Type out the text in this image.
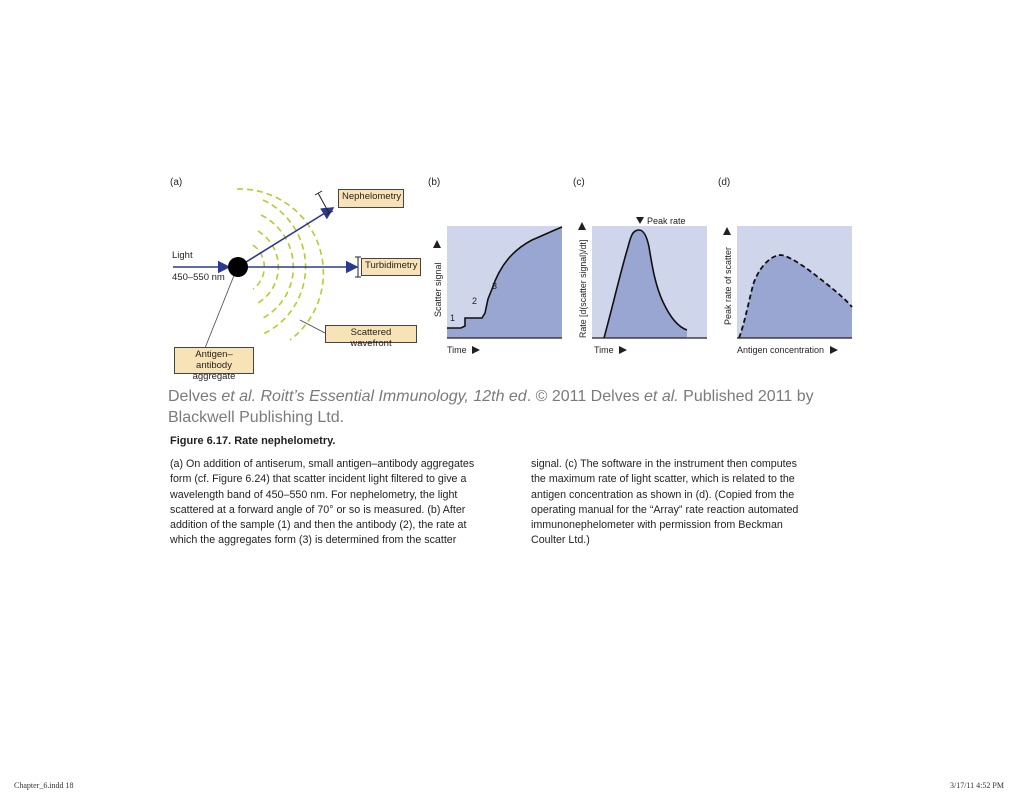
(a)	(b)	(c)	(d)
Light
450–550 nm
Nephelometry
Turbidimetry
Scattered wavefront
Antigen–antibody
aggregate
1
2
3
Scatter signal
Time
Peak rate
Rate [d(scatter signal)/dt]
Time
Peak rate of scatter
Antigen concentration
Delves et al. Roitt’s Essential Immunology, 12th ed. © 2011 Delves et al. Published 2011 by
Blackwell Publishing Ltd.
Figure 6.17. Rate nephelometry.
(a) On addition of antiserum, small antigen–antibody aggregates
form (cf. Figure 6.24) that scatter incident light filtered to give a
wavelength band of 450–550 nm. For nephelometry, the light
scattered at a forward angle of 70° or so is measured. (b) After
addition of the sample (1) and then the antibody (2), the rate at
which the aggregates form (3) is determined from the scatter
signal. (c) The software in the instrument then computes
the maximum rate of light scatter, which is related to the
antigen concentration as shown in (d). (Copied from the
operating manual for the “Array” rate reaction automated
immunonephelometer with permission from Beckman
Coulter Ltd.)
Chapter_6.indd 18	3/17/11 4:52 PM
